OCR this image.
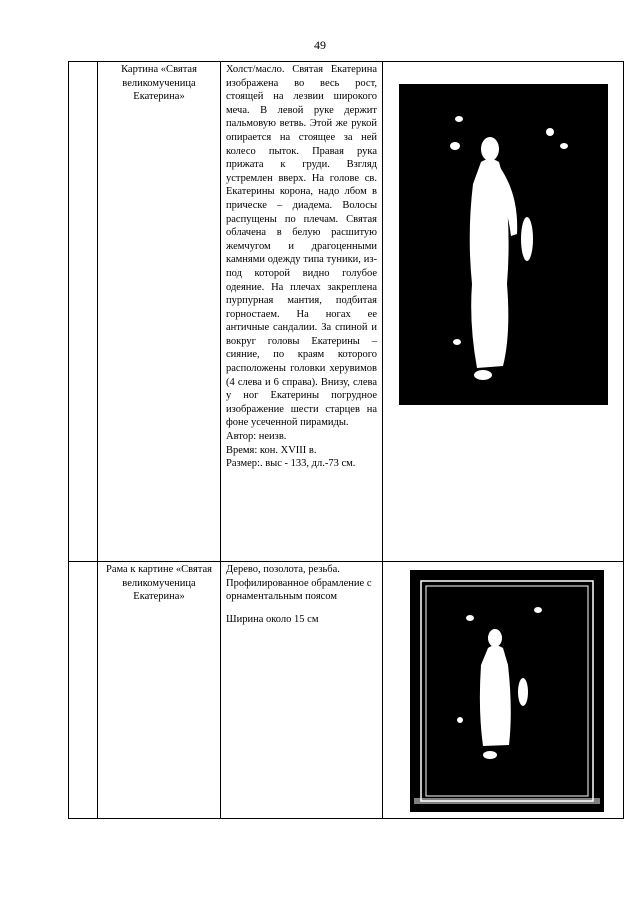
49

	Картина «Святая великомученица Екатерина»	Холст/масло. Святая Екатерина изображена во весь рост, стоящей на лезвии широкого меча. В левой руке держит пальмовую ветвь. Этой же рукой опирается на стоящее за ней колесо пыток. Правая рука прижата к груди. Взгляд устремлен вверх. На голове св. Екатерины корона, надо лбом в прическе – диадема. Волосы распущены по плечам. Святая облачена в белую расшитую жемчугом и драгоценными камнями одежду типа туники, из-под которой видно голубое одеяние. На плечах закреплена пурпурная мантия, подбитая горностаем. На ногах ее античные сандалии. За спиной и вокруг головы Екатерины – сияние, по краям которого расположены головки херувимов (4 слева и 6 справа). Внизу, слева у ног Екатерины погрудное изображение шести старцев на фоне усеченной пирамиды.

Автор: неизв.

Время: кон. XVIII в.

Размер:. выс - 133, дл.-73 см.

	Рама к картине «Святая великомученица Екатерина»	Дерево, позолота, резьба. Профилированное обрамление с орнаментальным поясом

Ширина около 15 см
